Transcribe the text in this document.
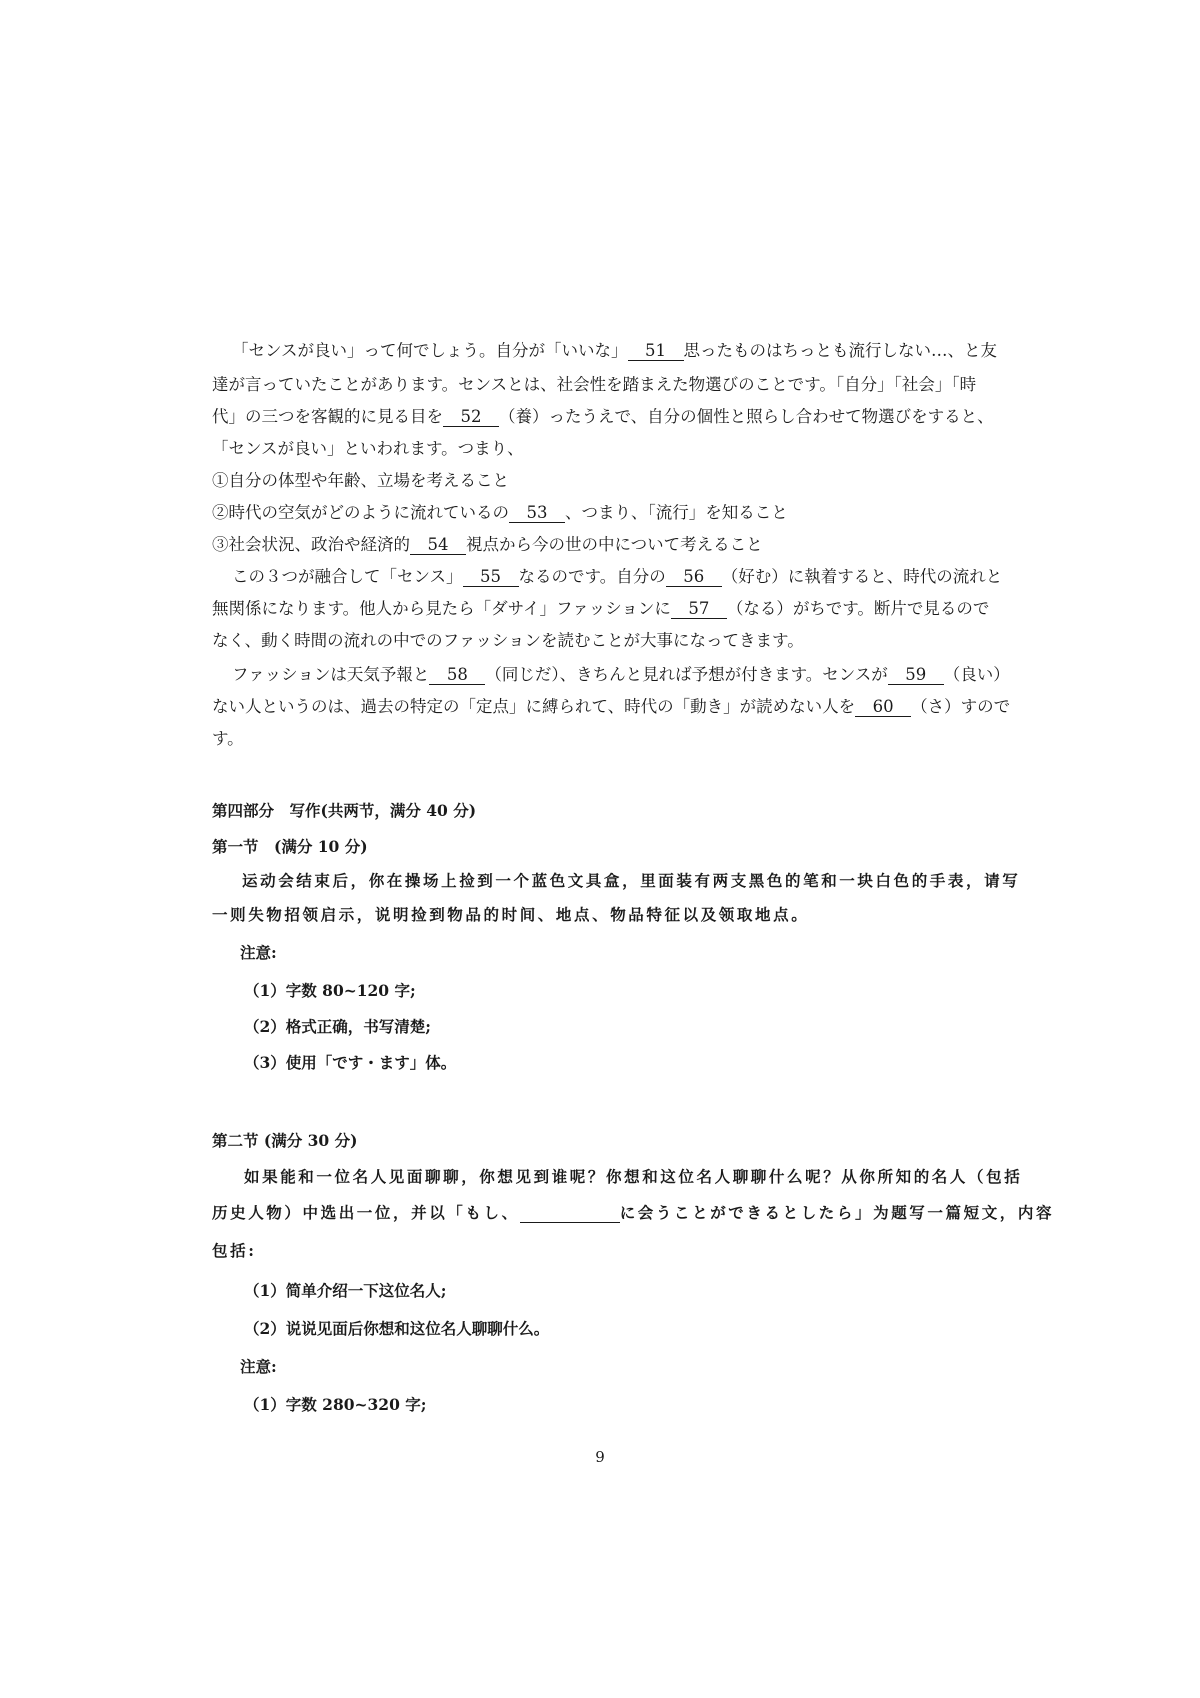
「センスが良い」って何でしょう。自分が「いいな」 51 思ったものはちっとも流行しない…、と友
達が言っていたことがあります。センスとは、社会性を踏まえた物選びのことです。「自分」「社会」「時
代」の三つを客観的に見る目を 52 （養）ったうえで、自分の個性と照らし合わせて物選びをすると、
「センスが良い」といわれます。つまり、
①自分の体型や年齢、立場を考えること
②時代の空気がどのように流れているの 53 、つまり、「流行」を知ること
③社会状況、政治や経済的 54 視点から今の世の中について考えること
この３つが融合して「センス」 55 なるのです。自分の 56 （好む）に執着すると、時代の流れと
無関係になります。他人から見たら「ダサイ」ファッションに 57 （なる）がちです。断片で見るので
なく、動く時間の流れの中でのファッションを読むことが大事になってきます。
ファッションは天気予報と 58 （同じだ）、きちんと見れば予想が付きます。センスが 59 （良い）
ない人というのは、過去の特定の「定点」に縛られて、時代の「動き」が読めない人を 60 （さ）すので
す。
第四部分　写作(共两节，满分 40 分)
第一节　(满分 10 分)
运动会结束后，你在操场上捡到一个蓝色文具盒，里面装有两支黑色的笔和一块白色的手表，请写
一则失物招领启示，说明捡到物品的时间、地点、物品特征以及领取地点。
注意:
（1）字数 80~120 字;
（2）格式正确，书写清楚;
（3）使用「です・ます」体。
第二节 (满分 30 分)
如果能和一位名人见面聊聊，你想见到谁呢？你想和这位名人聊聊什么呢？从你所知的名人（包括
历史人物）中选出一位，并以「もし、	に会うことができるとしたら」为题写一篇短文，内容
包括:
（1）简单介绍一下这位名人;
（2）说说见面后你想和这位名人聊聊什么。
注意:
（1）字数 280~320 字;
9
